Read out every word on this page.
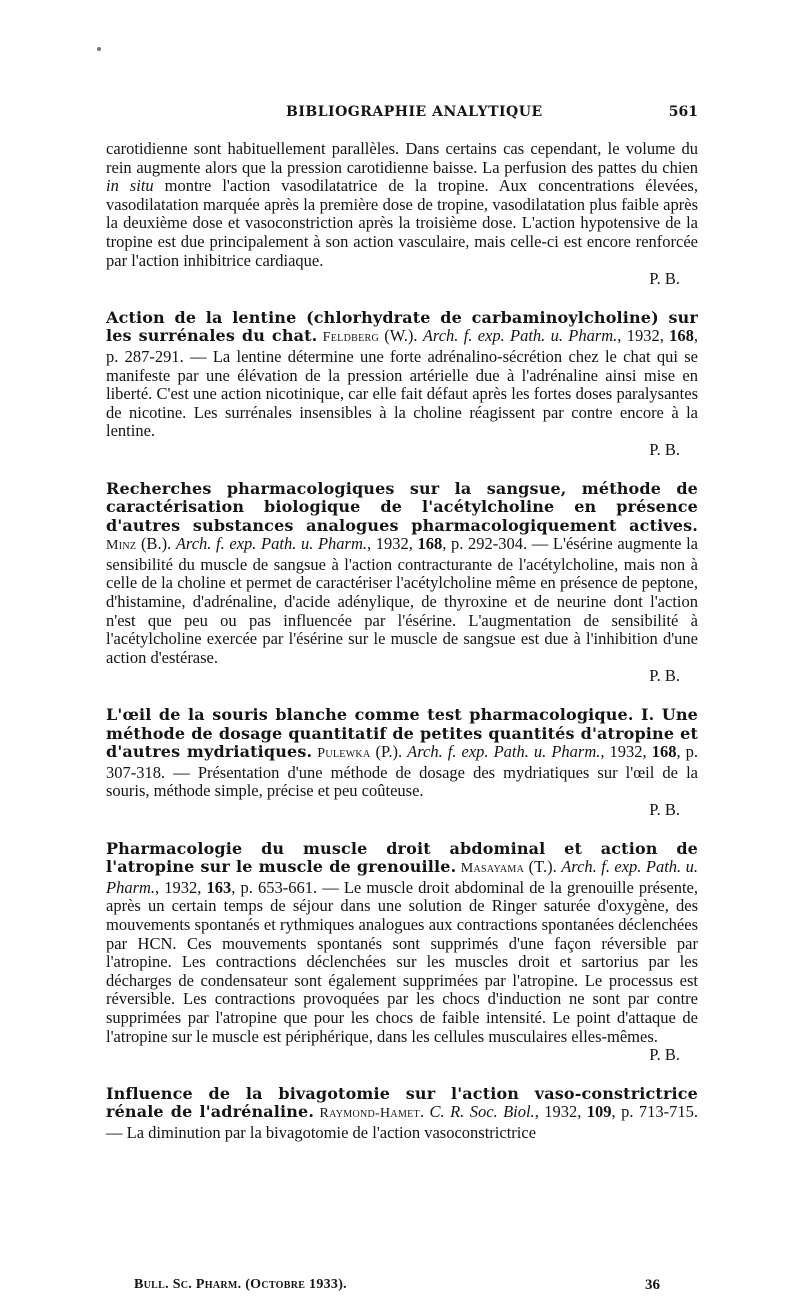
BIBLIOGRAPHIE ANALYTIQUE	561

carotidienne sont habituellement parallèles. Dans certains cas cependant, le volume du rein augmente alors que la pression carotidienne baisse. La perfusion des pattes du chien in situ montre l'action vasodilatatrice de la tropine. Aux concentrations élevées, vasodilatation marquée après la première dose de tropine, vasodilatation plus faible après la deuxième dose et vasoconstriction après la troisième dose. L'action hypotensive de la tropine est due principalement à son action vasculaire, mais celle-ci est encore renforcée par l'action inhibitrice cardiaque.

P. B.

Action de la lentine (chlorhydrate de carbaminoylcholine) sur les surrénales du chat. Feldberg (W.). Arch. f. exp. Path. u. Pharm., 1932, 168, p. 287-291. — La lentine détermine une forte adrénalino-sécrétion chez le chat qui se manifeste par une élévation de la pression artérielle due à l'adrénaline ainsi mise en liberté. C'est une action nicotinique, car elle fait défaut après les fortes doses paralysantes de nicotine. Les surrénales insensibles à la choline réagissent par contre encore à la lentine.

P. B.

Recherches pharmacologiques sur la sangsue, méthode de caractérisation biologique de l'acétylcholine en présence d'autres substances analogues pharmacologiquement actives. Minz (B.). Arch. f. exp. Path. u. Pharm., 1932, 168, p. 292-304. — L'ésérine augmente la sensibilité du muscle de sangsue à l'action contracturante de l'acétylcholine, mais non à celle de la choline et permet de caractériser l'acétylcholine même en présence de peptone, d'histamine, d'adrénaline, d'acide adénylique, de thyroxine et de neurine dont l'action n'est que peu ou pas influencée par l'ésérine. L'augmentation de sensibilité à l'acétylcholine exercée par l'ésérine sur le muscle de sangsue est due à l'inhibition d'une action d'estérase.

P. B.

L'œil de la souris blanche comme test pharmacologique. I. Une méthode de dosage quantitatif de petites quantités d'atropine et d'autres mydriatiques. Pulewka (P.). Arch. f. exp. Path. u. Pharm., 1932, 168, p. 307-318. — Présentation d'une méthode de dosage des mydriatiques sur l'œil de la souris, méthode simple, précise et peu coûteuse.

P. B.

Pharmacologie du muscle droit abdominal et action de l'atropine sur le muscle de grenouille. Masayama (T.). Arch. f. exp. Path. u. Pharm., 1932, 163, p. 653-661. — Le muscle droit abdominal de la grenouille présente, après un certain temps de séjour dans une solution de Ringer saturée d'oxygène, des mouvements spontanés et rythmiques analogues aux contractions spontanées déclenchées par HCN. Ces mouvements spontanés sont supprimés d'une façon réversible par l'atropine. Les contractions déclenchées sur les muscles droit et sartorius par les décharges de condensateur sont également supprimées par l'atropine. Le processus est réversible. Les contractions provoquées par les chocs d'induction ne sont par contre supprimées par l'atropine que pour les chocs de faible intensité. Le point d'attaque de l'atropine sur le muscle est périphérique, dans les cellules musculaires elles-mêmes.

P. B.

Influence de la bivagotomie sur l'action vaso-constrictrice rénale de l'adrénaline. Raymond-Hamet. C. R. Soc. Biol., 1932, 109, p. 713-715. — La diminution par la bivagotomie de l'action vasoconstrictrice

Bull. Sc. Pharm. (Octobre 1933).	36
